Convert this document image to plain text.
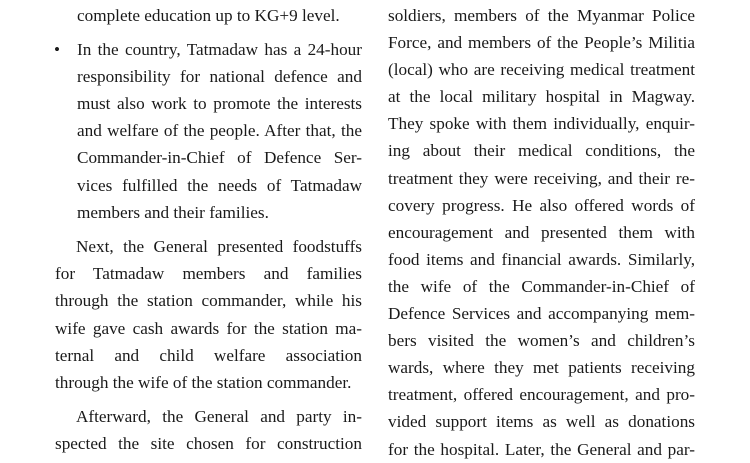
complete education up to KG+9 level.
• In the country, Tatmadaw has a 24-hour
responsibility for national defence and
must also work to promote the interests
and welfare of the people. After that, the
Commander-in-Chief of Defence Ser-
vices fulfilled the needs of Tatmadaw
members and their families.
Next, the General presented foodstuffs
for Tatmadaw members and families
through the station commander, while his
wife gave cash awards for the station ma-
ternal and child welfare association
through the wife of the station commander.
Afterward, the General and party in-
spected the site chosen for construction
soldiers, members of the Myanmar Police
Force, and members of the People’s Militia
(local) who are receiving medical treatment
at the local military hospital in Magway.
They spoke with them individually, enquir-
ing about their medical conditions, the
treatment they were receiving, and their re-
covery progress. He also offered words of
encouragement and presented them with
food items and financial awards. Similarly,
the wife of the Commander-in-Chief of
Defence Services and accompanying mem-
bers visited the women’s and children’s
wards, where they met patients receiving
treatment, offered encouragement, and pro-
vided support items as well as donations
for the hospital. Later, the General and par-
